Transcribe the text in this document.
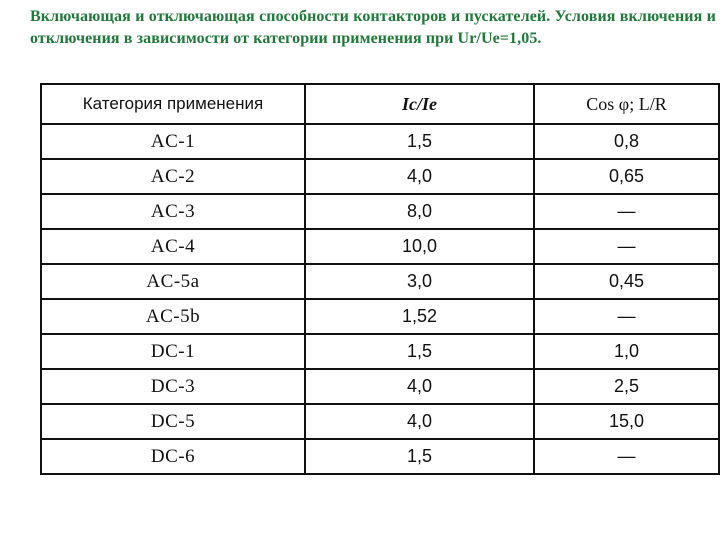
Включающая и отключающая способности контакторов и пускателей. Условия включения и отключения в зависимости от категории применения при Ur/Ue=1,05.
Категория применения	Ic/Ie	Cos φ; L/R
AC-1	1,5	0,8
AC-2	4,0	0,65
AC-3	8,0	—
AC-4	10,0	—
AC-5a	3,0	0,45
AC-5b	1,52	—
DC-1	1,5	1,0
DC-3	4,0	2,5
DC-5	4,0	15,0
DC-6	1,5	—
